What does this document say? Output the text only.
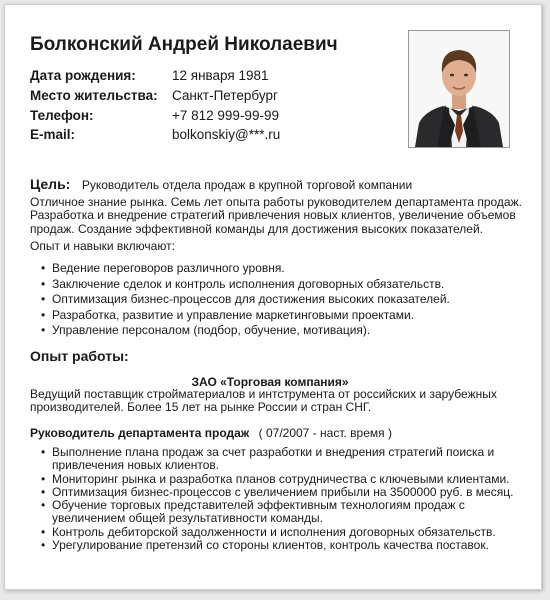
Болконский Андрей Николаевич
Дата рождения:	12 января 1981
Место жительства: Санкт-Петербург
Телефон:	+7 812 999-99-99
E-mail:	bolkonskiy@***.ru
Цель: Руководитель отдела продаж в крупной торговой компании
Отличное знание рынка. Семь лет опыта работы руководителем департамента продаж. Разработка и внедрение стратегий привлечения новых клиентов, увеличение объемов продаж. Создание эффективной команды для достижения высоких показателей.
Опыт и навыки включают:
• Ведение переговоров различного уровня.
• Заключение сделок и контроль исполнения договорных обязательств.
• Оптимизация бизнес-процессов для достижения высоких показателей.
• Разработка, развитие и управление маркетинговыми проектами.
• Управление персоналом (подбор, обучение, мотивация).
Опыт работы:
ЗАО «Торговая компания»
Ведущий поставщик стройматериалов и интструмента от российских и зарубежных производителей. Более 15 лет на рынке России и стран СНГ.
Руководитель департамента продаж ( 07/2007 - наст. время )
• Выполнение плана продаж за счет разработки и внедрения стратегий поиска и привлечения новых клиентов.
• Мониторинг рынка и разработка планов сотрудничества с ключевыми клиентами.
• Оптимизация бизнес-процессов с увеличением прибыли на 3500000 руб. в месяц.
• Обучение торговых представителей эффективным технологиям продаж с увеличением общей результативности команды.
• Контроль дебиторской задолженности и исполнения договорных обязательств.
• Урегулирование претензий со стороны клиентов, контроль качества поставок.
